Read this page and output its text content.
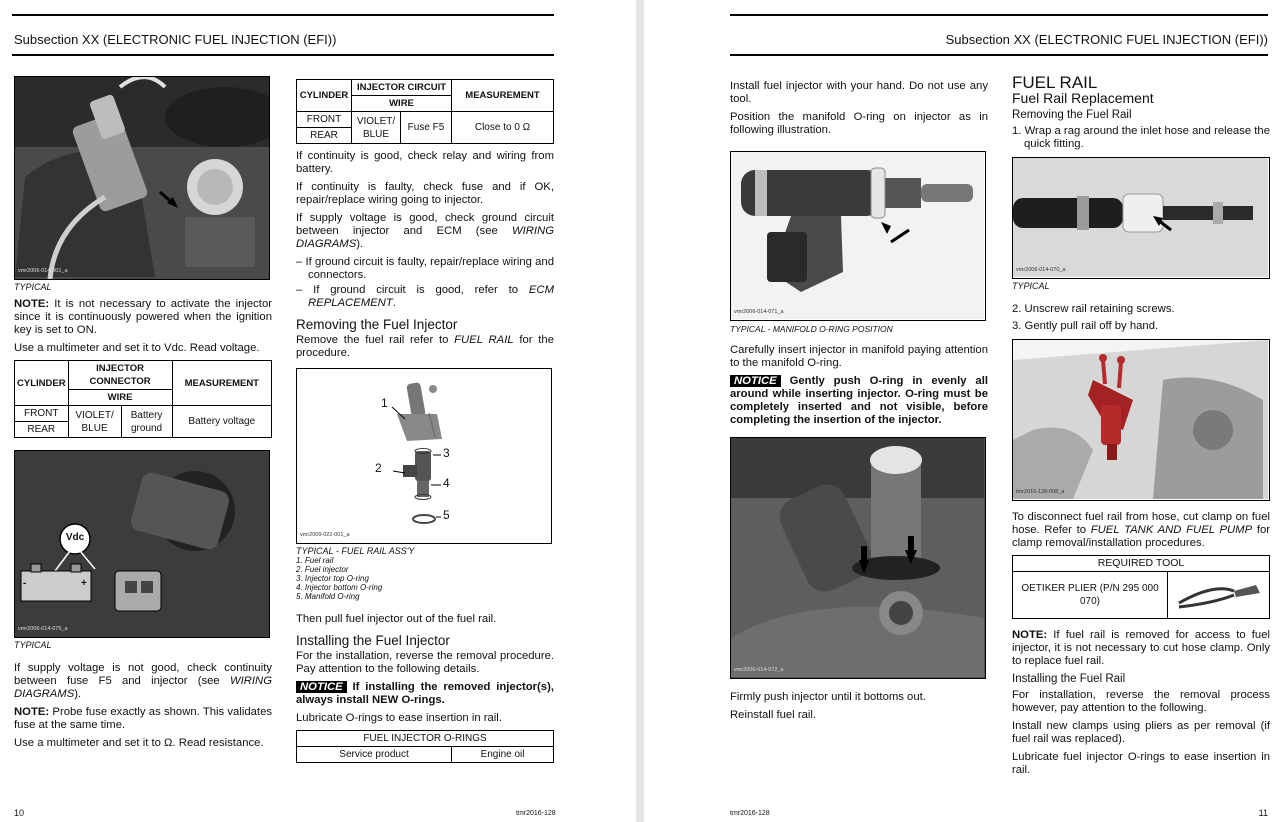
Subsection XX (ELECTRONIC FUEL INJECTION (EFI))
vmr2006-014-001_a
TYPICAL

NOTE: It is not necessary to activate the injector since it is continuously powered when the ignition key is set to ON.

Use a multimeter and set it to Vdc. Read voltage.

CYLINDER	INJECTOR CONNECTOR		MEASUREMENT
	WIRE		
FRONT	VIOLET/ BLUE	Battery ground	Battery voltage
REAR			
Vdc
-	+
vmr2006-014-075_a
TYPICAL

If supply voltage is not good, check continuity between fuse F5 and injector (see WIRING DIAGRAMS).

NOTE: Probe fuse exactly as shown. This validates fuse at the same time.

Use a multimeter and set it to Ω. Read resistance.

CYLINDER	INJECTOR CIRCUIT		MEASUREMENT
	WIRE		
FRONT	VIOLET/ BLUE	Fuse F5	Close to 0 Ω
REAR			

If continuity is good, check relay and wiring from battery.

If continuity is faulty, check fuse and if OK, repair/replace wiring going to injector.

If supply voltage is good, check ground circuit between injector and ECM (see WIRING DIAGRAMS).

– If ground circuit is faulty, repair/replace wiring and connectors.

– If ground circuit is good, refer to ECM REPLACEMENT.

Removing the Fuel Injector

Remove the fuel rail refer to FUEL RAIL for the procedure.

1
2
3
4
5
vmr2009-022-001_a
TYPICAL - FUEL RAIL ASS'Y
1. Fuel rail
2. Fuel injector
3. Injector top O-ring
4. Injector bottom O-ring
5. Manifold O-ring

Then pull fuel injector out of the fuel rail.

Installing the Fuel Injector

For the installation, reverse the removal procedure. Pay attention to the following details.

NOTICE If installing the removed injector(s), always install NEW O-rings.

Lubricate O-rings to ease insertion in rail.

FUEL INJECTOR O-RINGS
Service product	Engine oil
10	tmr2016-128
Subsection XX (ELECTRONIC FUEL INJECTION (EFI))

Install fuel injector with your hand. Do not use any tool.

Position the manifold O-ring on injector as in following illustration.

vmr2006-014-071_a
TYPICAL - MANIFOLD O-RING POSITION

Carefully insert injector in manifold paying attention to the manifold O-ring.

NOTICE Gently push O-ring in evenly all around while inserting injector. O-ring must be completely inserted and not visible, before completing the insertion of the injector.

vmr2006-014-072_a

Firmly push injector until it bottoms out.

Reinstall fuel rail.

FUEL RAIL
Fuel Rail Replacement
Removing the Fuel Rail

1. Wrap a rag around the inlet hose and release the quick fitting.

vmr2006-014-070_a
TYPICAL

2. Unscrew rail retaining screws.

3. Gently pull rail off by hand.

tmr2016-128-008_a

To disconnect fuel rail from hose, cut clamp on fuel hose. Refer to FUEL TANK AND FUEL PUMP for clamp removal/installation procedures.

REQUIRED TOOL
OETIKER PLIER (P/N 295 000 070)	

NOTE: If fuel rail is removed for access to fuel injector, it is not necessary to cut hose clamp. Only to replace fuel rail.

Installing the Fuel Rail

For installation, reverse the removal process however, pay attention to the following.

Install new clamps using pliers as per removal (if fuel rail was replaced).

Lubricate fuel injector O-rings to ease insertion in rail.

tmr2016-128	11
